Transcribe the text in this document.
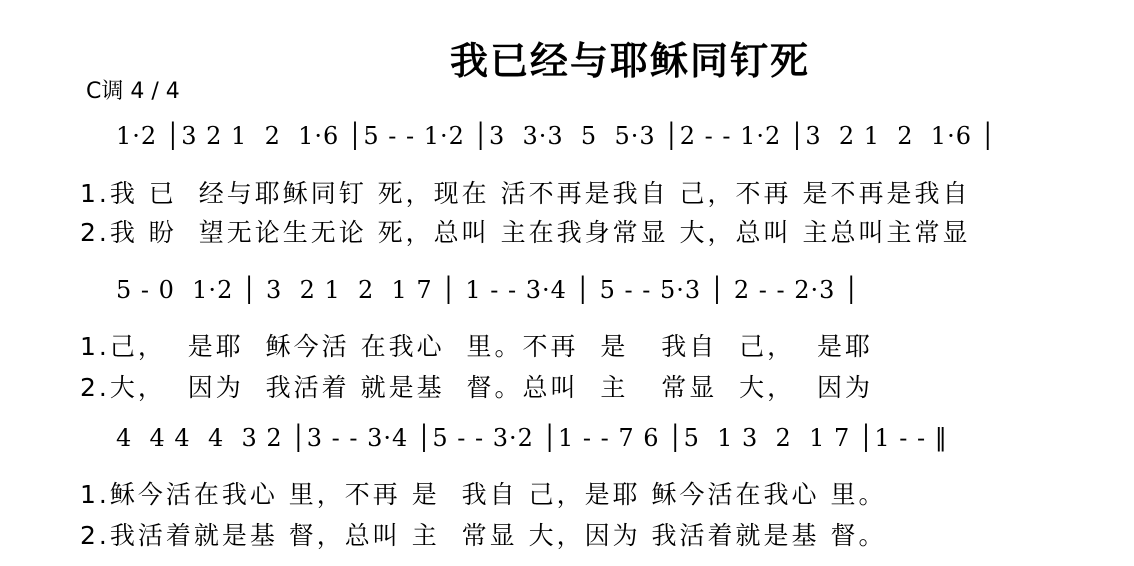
我已经与耶稣同钉死
C调 4 / 4
1·2 │3 2 1  2  1·6 │5 - - 1·2 │3  3·3  5  5·3 │2 - - 1·2 │3  2 1  2  1·6 │
1.我 已  经与耶稣同钉 死，现在 活不再是我自 己，不再 是不再是我自
2.我 盼  望无论生无论 死，总叫 主在我身常显 大，总叫 主总叫主常显
5 - 0  1·2 │ 3  2 1  2  1 7 │ 1 - - 3·4 │ 5 - - 5·3 │ 2 - - 2·3 │
1.己，  是耶  稣今活 在我心  里。不再  是   我自  己，  是耶
2.大，  因为  我活着 就是基  督。总叫  主   常显  大，  因为
4  4 4  4  3 2 │3 - - 3·4 │5 - - 3·2 │1 - - 7 6 │5  1 3  2  1 7 │1 - - ‖
1.稣今活在我心 里，不再 是  我自 己，是耶 稣今活在我心 里。
2.我活着就是基 督，总叫 主  常显 大，因为 我活着就是基 督。
